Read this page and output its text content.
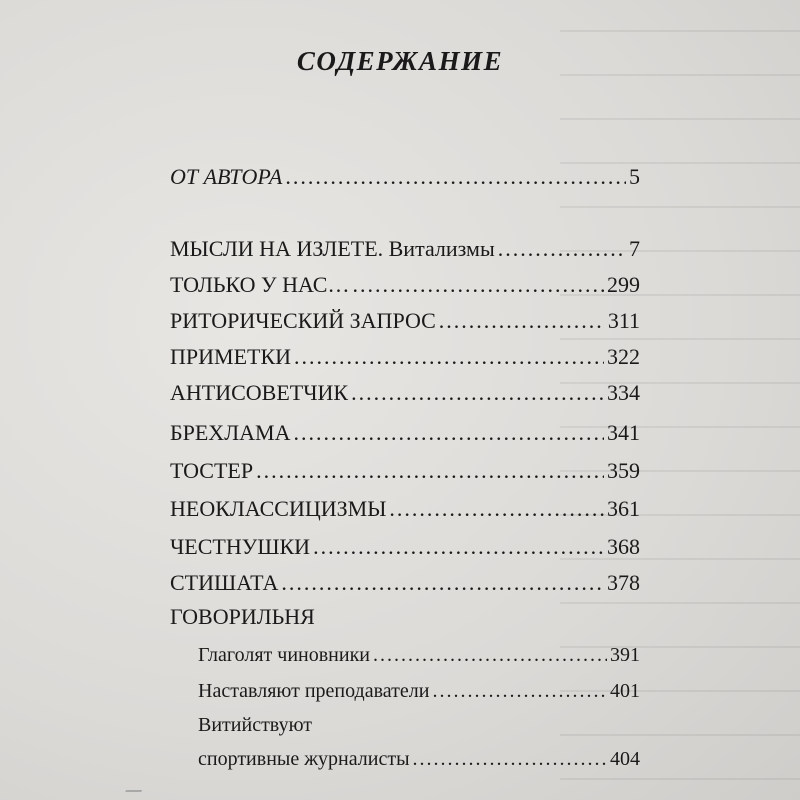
СОДЕРЖАНИЕ
ОТ АВТОРА .....	5
МЫСЛИ НА ИЗЛЕТЕ. Витализмы .....	7
ТОЛЬКО У НАС… .....	299
РИТОРИЧЕСКИЙ ЗАПРОС .....	311
ПРИМЕТКИ .....	322
АНТИСОВЕТЧИК .....	334
БРЕХЛАМА .....	341
ТОСТЕР .....	359
НЕОКЛАССИЦИЗМЫ .....	361
ЧЕСТНУШКИ .....	368
СТИШАТА .....	378
ГОВОРИЛЬНЯ
Глаголят чиновники .....	391
Наставляют преподаватели .....	401
Витийствуют
спортивные журналисты .....	404
